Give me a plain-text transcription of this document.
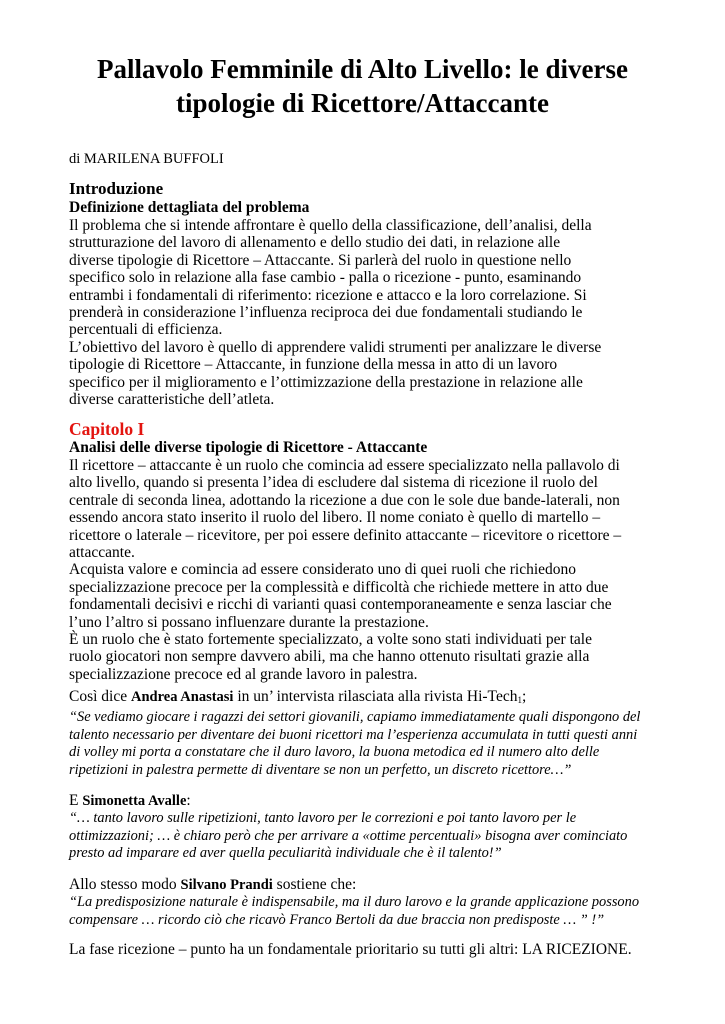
Pallavolo Femminile di Alto Livello: le diverse
tipologie di Ricettore/Attaccante
di MARILENA BUFFOLI
Introduzione
Definizione dettagliata del problema
Il problema che si intende affrontare è quello della classificazione, dell’analisi, della
strutturazione del lavoro di allenamento e dello studio dei dati, in relazione alle
diverse tipologie di Ricettore – Attaccante. Si parlerà del ruolo in questione nello
specifico solo in relazione alla fase cambio - palla o ricezione - punto, esaminando
entrambi i fondamentali di riferimento: ricezione e attacco e la loro correlazione. Si
prenderà in considerazione l’influenza reciproca dei due fondamentali studiando le
percentuali di efficienza.
L’obiettivo del lavoro è quello di apprendere validi strumenti per analizzare le diverse
tipologie di Ricettore – Attaccante, in funzione della messa in atto di un lavoro
specifico per il miglioramento e l’ottimizzazione della prestazione in relazione alle
diverse caratteristiche dell’atleta.
Capitolo I
Analisi delle diverse tipologie di Ricettore - Attaccante
Il ricettore – attaccante è un ruolo che comincia ad essere specializzato nella pallavolo di
alto livello, quando si presenta l’idea di escludere dal sistema di ricezione il ruolo del
centrale di seconda linea, adottando la ricezione a due con le sole due bande-laterali, non
essendo ancora stato inserito il ruolo del libero. Il nome coniato è quello di martello –
ricettore o laterale – ricevitore, per poi essere definito attaccante – ricevitore o ricettore –
attaccante.
Acquista valore e comincia ad essere considerato uno di quei ruoli che richiedono
specializzazione precoce per la complessità e difficoltà che richiede mettere in atto due
fondamentali decisivi e ricchi di varianti quasi contemporaneamente e senza lasciar che
l’uno l’altro si possano influenzare durante la prestazione.
È un ruolo che è stato fortemente specializzato, a volte sono stati individuati per tale
ruolo giocatori non sempre davvero abili, ma che hanno ottenuto risultati grazie alla
specializzazione precoce ed al grande lavoro in palestra.
Così dice Andrea Anastasi in un’ intervista rilasciata alla rivista Hi-Tech$_1$;
“Se vediamo giocare i ragazzi dei settori giovanili, capiamo immediatamente quali dispongono del
talento necessario per diventare dei buoni ricettori ma l’esperienza accumulata in tutti questi anni
di volley mi porta a constatare che il duro lavoro, la buona metodica ed il numero alto delle
ripetizioni in palestra permette di diventare se non un perfetto, un discreto ricettore…”
E Simonetta Avalle:
“… tanto lavoro sulle ripetizioni, tanto lavoro per le correzioni e poi tanto lavoro per le
ottimizzazioni; … è chiaro però che per arrivare a «ottime percentuali» bisogna aver cominciato
presto ad imparare ed aver quella peculiarità individuale che è il talento!”
Allo stesso modo Silvano Prandi sostiene che:
“La predisposizione naturale è indispensabile, ma il duro larovo e la grande applicazione possono
compensare … ricordo ciò che ricavò Franco Bertoli da due braccia non predisposte … ” !”
La fase ricezione – punto ha un fondamentale prioritario su tutti gli altri: LA RICEZIONE.
